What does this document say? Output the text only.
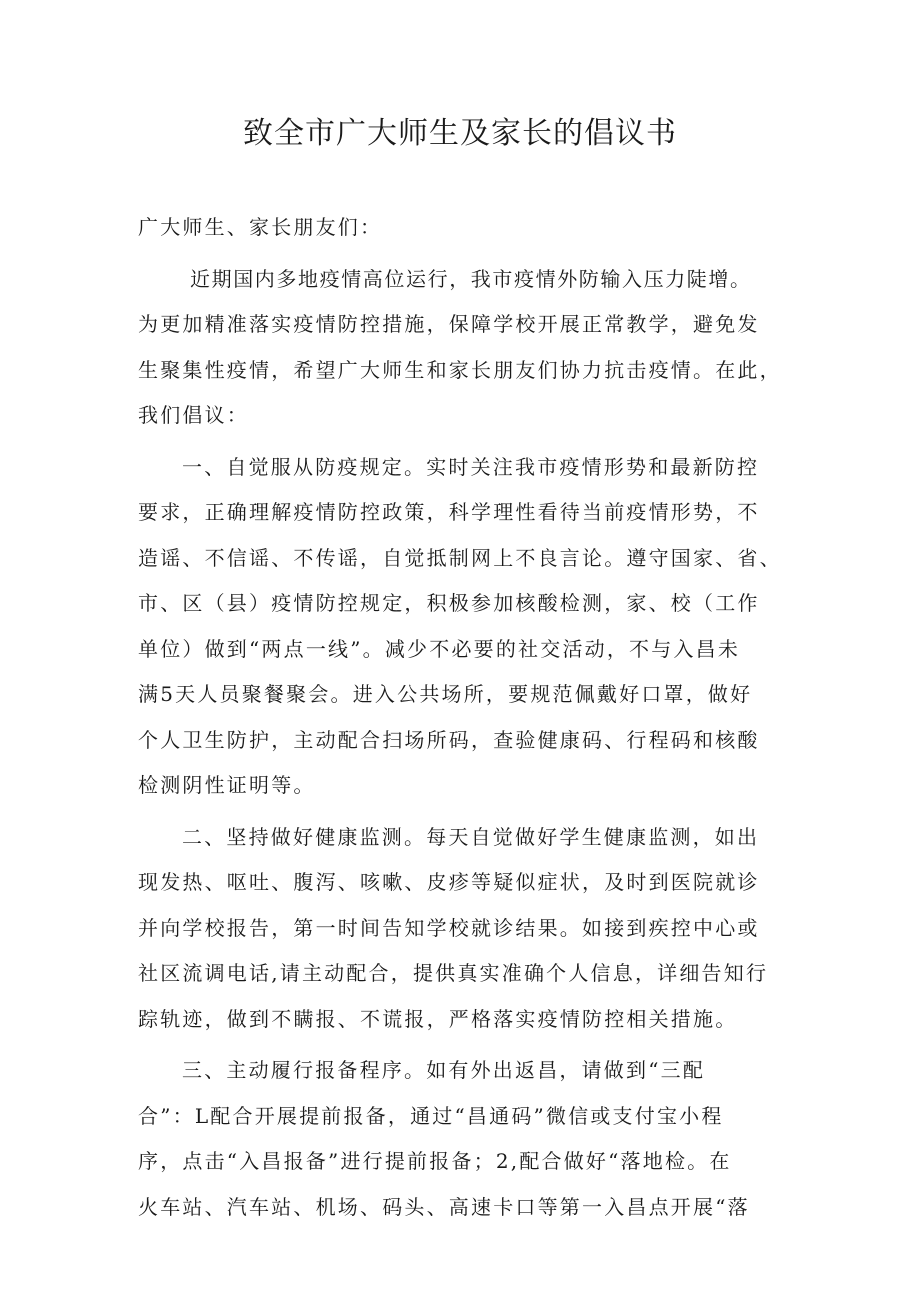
致全市广大师生及家长的倡议书
广大师生、家长朋友们：
近期国内多地疫情高位运行，我市疫情外防输入压力陡增。
为更加精准落实疫情防控措施，保障学校开展正常教学，避免发
生聚集性疫情，希望广大师生和家长朋友们协力抗击疫情。在此，
我们倡议：
一、自觉服从防疫规定。实时关注我市疫情形势和最新防控
要求，正确理解疫情防控政策，科学理性看待当前疫情形势，不
造谣、不信谣、不传谣，自觉抵制网上不良言论。遵守国家、省、
市、区（县）疫情防控规定，积极参加核酸检测，家、校（工作
单位）做到“两点一线”。减少不必要的社交活动，不与入昌未
满5天人员聚餐聚会。进入公共场所，要规范佩戴好口罩，做好
个人卫生防护，主动配合扫场所码，查验健康码、行程码和核酸
检测阴性证明等。
二、坚持做好健康监测。每天自觉做好学生健康监测，如出
现发热、呕吐、腹泻、咳嗽、皮疹等疑似症状，及时到医院就诊
并向学校报告，第一时间告知学校就诊结果。如接到疾控中心或
社区流调电话,请主动配合，提供真实准确个人信息，详细告知行
踪轨迹，做到不瞒报、不谎报，严格落实疫情防控相关措施。
三、主动履行报备程序。如有外出返昌，请做到“三配
合”：L配合开展提前报备，通过“昌通码”微信或支付宝小程
序，点击“入昌报备”进行提前报备；2,配合做好“落地检。在
火车站、汽车站、机场、码头、高速卡口等第一入昌点开展“落
